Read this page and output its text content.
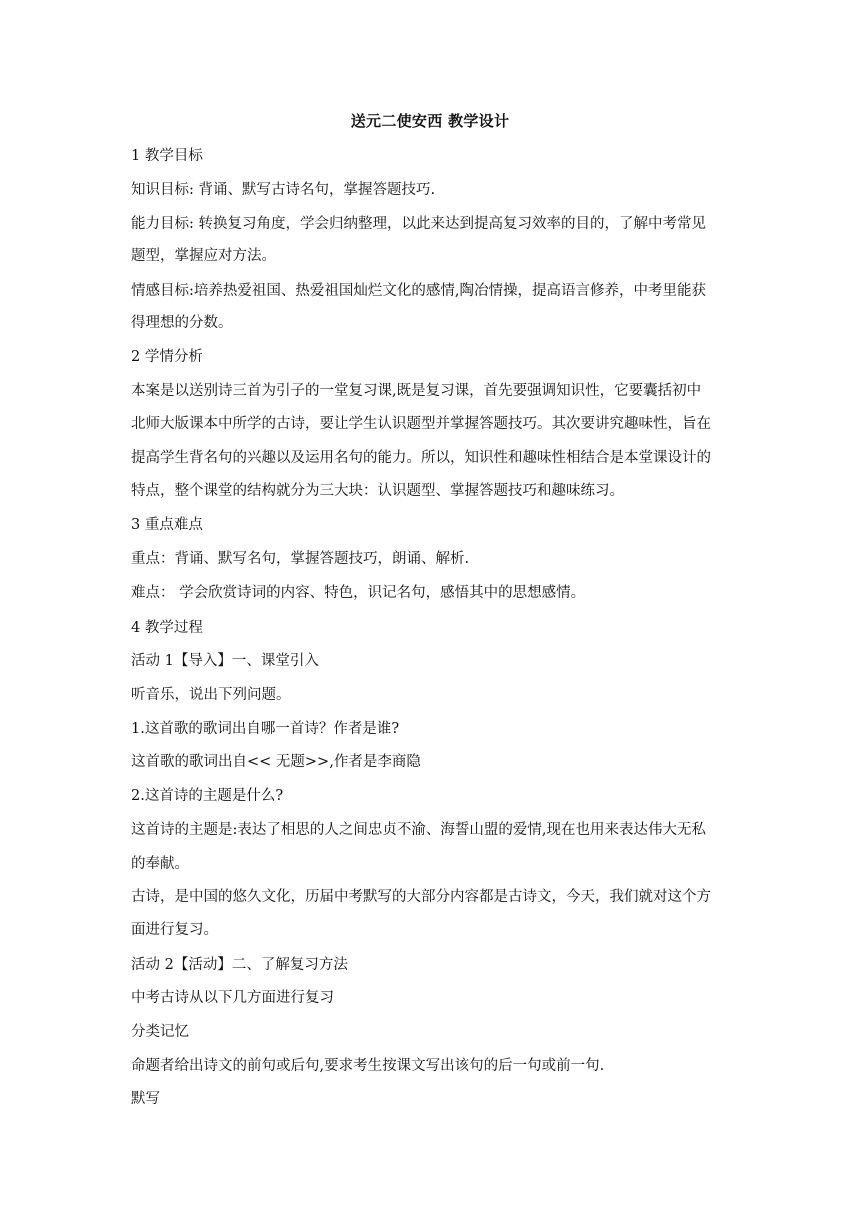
送元二使安西 教学设计
1 教学目标
知识目标: 背诵、默写古诗名句，掌握答题技巧.
能力目标: 转换复习角度，学会归纳整理，以此来达到提高复习效率的目的，了解中考常见
题型，掌握应对方法。
情感目标:培养热爱祖国、热爱祖国灿烂文化的感情,陶冶情操，提高语言修养，中考里能获
得理想的分数。
2 学情分析
本案是以送别诗三首为引子的一堂复习课,既是复习课，首先要强调知识性，它要囊括初中
北师大版课本中所学的古诗，要让学生认识题型并掌握答题技巧。其次要讲究趣味性，旨在
提高学生背名句的兴趣以及运用名句的能力。所以，知识性和趣味性相结合是本堂课设计的
特点，整个课堂的结构就分为三大块：认识题型、掌握答题技巧和趣味练习。
3 重点难点
重点：背诵、默写名句，掌握答题技巧，朗诵、解析.
难点： 学会欣赏诗词的内容、特色，识记名句，感悟其中的思想感情。
4 教学过程
活动 1【导入】一、课堂引入
听音乐，说出下列问题。
1.这首歌的歌词出自哪一首诗？作者是谁?
这首歌的歌词出自<< 无题>>,作者是李商隐
2.这首诗的主题是什么?
这首诗的主题是:表达了相思的人之间忠贞不渝、海誓山盟的爱情,现在也用来表达伟大无私
的奉献。
古诗，是中国的悠久文化，历届中考默写的大部分内容都是古诗文，今天，我们就对这个方
面进行复习。
活动 2【活动】二、了解复习方法
中考古诗从以下几方面进行复习
分类记忆
命题者给出诗文的前句或后句,要求考生按课文写出该句的后一句或前一句.
默写
